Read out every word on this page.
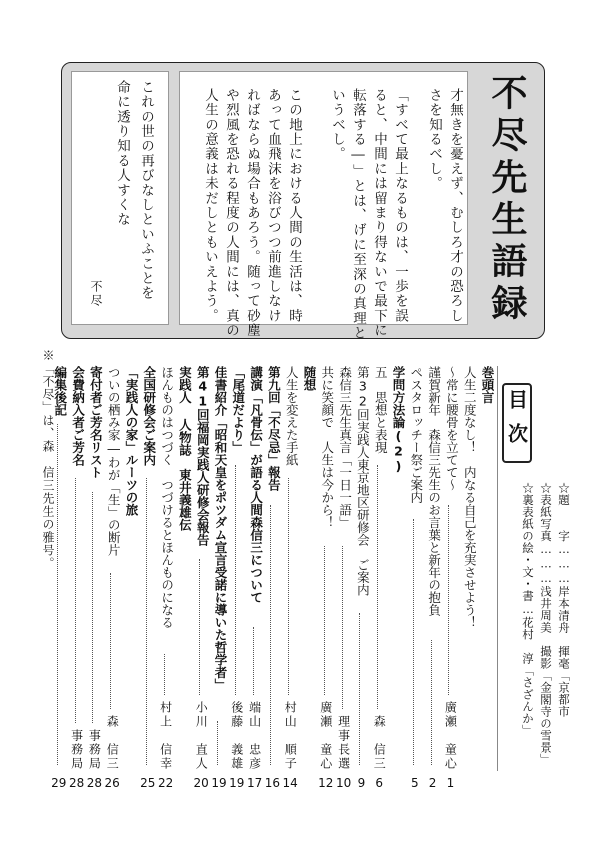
不尽先生語録
才無きを憂えず、むしろ才の恐ろし
さを知るべし。
「すべて最上なるものは、一歩を誤
ると、中間には留まり得ないで最下に
転落する―」とは、げに至深の真理と
いうべし。
この地上における人間の生活は、時
あって血飛沫を浴びつつ前進しなけ
ればならぬ場合もあろう。随って砂塵
や烈風を恐れる程度の人間には、真の
人生の意義は未だしともいえよう。
これの世の再びなしといふことを
命に透り知る人すくな
不尽
※「不尽」は、森　信三先生の雅号。	目次
☆題　　字………岸本清舟　揮毫「京都市
☆表紙写真………浅井周美　撮影「金閣寺の雪景」
☆裏表紙の絵・文・書…花村　淳「さざんか」
巻頭言
人生二度なし！　内なる自己を充実させよう！
〜常に腰骨を立てて〜
廣瀬　童心
1
謹賀新年　森信三先生のお言葉と新年の抱負
2
ペスタロッチー祭ご案内
5
学問方法論(2)
五　思想と表現
森　信三
6
第32回実践人東京地区研修会　ご案内
9
森信三先生真言「一日一語」
理事長選
10
共に笑顔で　人生は今から！
廣瀬　童心
12
随想
人生を変えた手紙
村山　順子
14
第九回「不尽忌」報告
16
講演「凡骨伝」が語る人間森信三について
端山　忠彦
17
「尾道だより」
後藤　義雄
19
佳書紹介「昭和天皇をポツダム宣言受諾に導いた哲学者」
19
第41回福岡実践人研修会報告
小川　直人
20
実践人 人物誌　東井義雄伝
ほんものはつづく　つづけるとほんものになる
村上　信幸
22
全国研修会ご案内
25
「実践人の家」ルーツの旅
ついの栖み家―わが「生」の断片
森　信三
26
寄付者ご芳名リスト
事務局
28
会費納入者ご芳名
事務局
28
編集後記
29
